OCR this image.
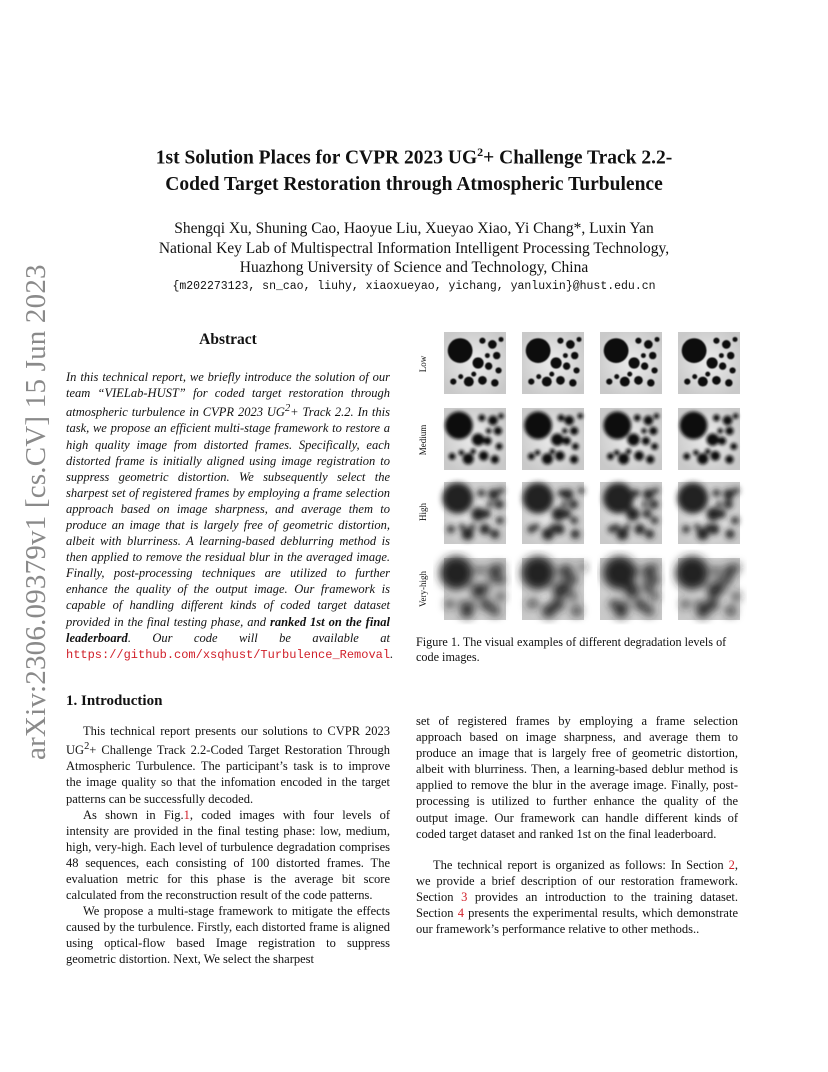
arXiv:2306.09379v1 [cs.CV] 15 Jun 2023
1st Solution Places for CVPR 2023 $UG^2+$ Challenge Track 2.2-
Coded Target Restoration through Atmospheric Turbulence
Shengqi Xu, Shuning Cao, Haoyue Liu, Xueyao Xiao, Yi Chang*, Luxin Yan
National Key Lab of Multispectral Information Intelligent Processing Technology,
Huazhong University of Science and Technology, China
{m202273123, sn_cao, liuhy, xiaoxueyao, yichang, yanluxin}@hust.edu.cn
Abstract
In this technical report, we briefly introduce the solution of our team “VIELab-HUST” for coded target restoration through atmospheric turbulence in CVPR 2023 $UG^2+$ Track 2.2. In this task, we propose an efficient multi-stage framework to restore a high quality image from distorted frames. Specifically, each distorted frame is initially aligned using image registration to suppress geometric distortion. We subsequently select the sharpest set of registered frames by employing a frame selection approach based on image sharpness, and average them to produce an image that is largely free of geometric distortion, albeit with blurriness. A learning-based deblurring method is then applied to remove the residual blur in the averaged image. Finally, post-processing techniques are utilized to further enhance the quality of the output image. Our framework is capable of handling different kinds of coded target dataset provided in the final testing phase, and ranked 1st on the final leaderboard. Our code will be available at https://github.com/xsqhust/Turbulence_Removal.
Low
Medium
High
Very-high
Figure 1. The visual examples of different degradation levels of code images.
1. Introduction

This technical report presents our solutions to CVPR 2023 $UG^2+$ Challenge Track 2.2-Coded Target Restoration Through Atmospheric Turbulence. The participant’s task is to improve the image quality so that the infomation encoded in the target patterns can be successfully decoded.

As shown in Fig.1, coded images with four levels of intensity are provided in the final testing phase: low, medium, high, very-high. Each level of turbulence degradation comprises 48 sequences, each consisting of 100 distorted frames. The evaluation metric for this phase is the average bit score calculated from the reconstruction result of the code patterns.

We propose a multi-stage framework to mitigate the effects caused by the turbulence. Firstly, each distorted frame is aligned using optical-flow based Image registration to suppress geometric distortion. Next, We select the sharpest

set of registered frames by employing a frame selection approach based on image sharpness, and average them to produce an image that is largely free of geometric distortion, albeit with blurriness. Then, a learning-based deblur method is applied to remove the blur in the average image. Finally, post-processing is utilized to further enhance the quality of the output image. Our framework can handle different kinds of coded target dataset and ranked 1st on the final leaderboard.

The technical report is organized as follows: In Section 2, we provide a brief description of our restoration framework. Section 3 provides an introduction to the training dataset. Section 4 presents the experimental results, which demonstrate our framework’s performance relative to other methods..
